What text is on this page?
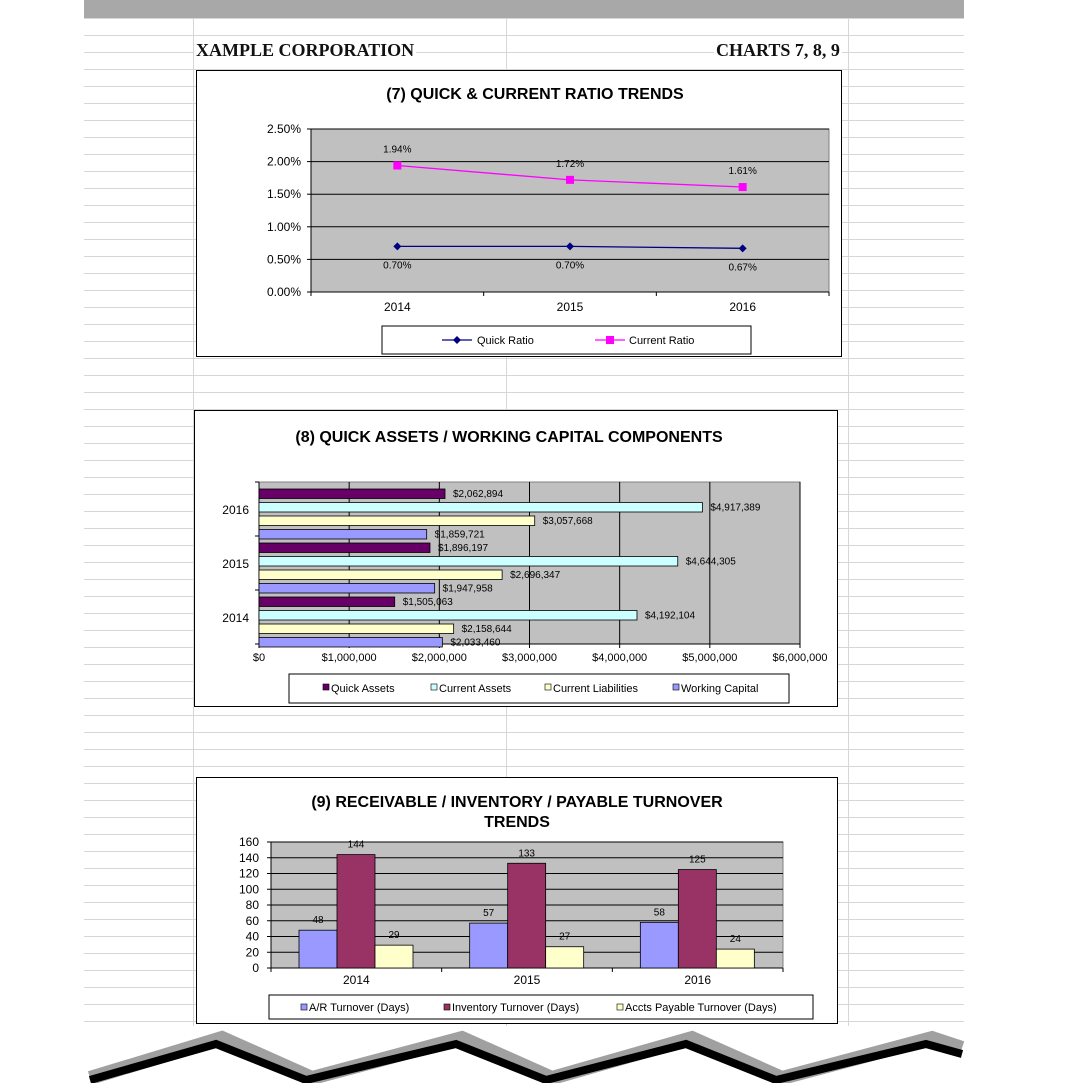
XAMPLE CORPORATION	CHARTS 7, 8, 9
(7) QUICK & CURRENT RATIO TRENDS
0.00%
0.50%
1.00%
1.50%
2.00%
2.50%
2014	2015	2016
0.70%	0.70%	0.67%
1.94%
1.72%
1.61%
Quick Ratio	Current Ratio
(8) QUICK ASSETS / WORKING CAPITAL COMPONENTS
$0	$1,000,000	$2,000,000	$3,000,000	$4,000,000	$5,000,000	$6,000,000
2014
$1,505,063
$4,192,104
$2,158,644
$2,033,460
2015
$1,896,197
$4,644,305
$2,696,347
$1,947,958
2016
$2,062,894
$4,917,389
$3,057,668
$1,859,721
Quick Assets	Current Assets	Current Liabilities	Working Capital
(9) RECEIVABLE / INVENTORY / PAYABLE TURNOVER
TRENDS
0
20
40
60
80
100
120
140
160
2014
48
144
29
2015
57
133
27
2016
58
125
24
A/R Turnover (Days)	Inventory Turnover (Days)	Accts Payable Turnover (Days)
